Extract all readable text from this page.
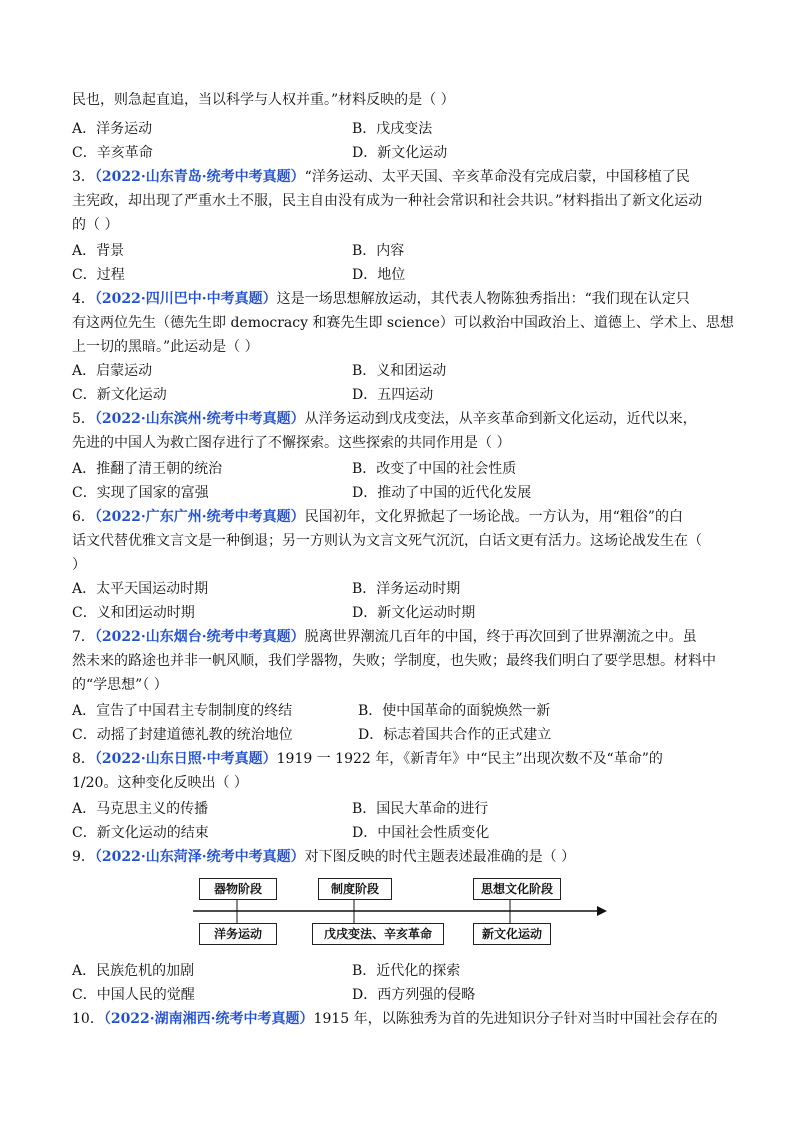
民也，则急起直追，当以科学与人权并重。”材料反映的是（ ）
A．洋务运动	B．戊戌变法
C．辛亥革命	D．新文化运动
3．（2022·山东青岛·统考中考真题）“洋务运动、太平天国、辛亥革命没有完成启蒙，中国移植了民
主宪政，却出现了严重水土不服，民主自由没有成为一种社会常识和社会共识。”材料指出了新文化运动
的（ ）
A．背景	B．内容
C．过程	D．地位
4．（2022·四川巴中·中考真题）这是一场思想解放运动，其代表人物陈独秀指出：“我们现在认定只
有这两位先生（德先生即 democracy 和赛先生即 science）可以救治中国政治上、道德上、学术上、思想
上一切的黑暗。”此运动是（ ）
A．启蒙运动	B．义和团运动
C．新文化运动	D．五四运动
5．（2022·山东滨州·统考中考真题）从洋务运动到戊戌变法，从辛亥革命到新文化运动，近代以来，
先进的中国人为救亡图存进行了不懈探索。这些探索的共同作用是（ ）
A．推翻了清王朝的统治	B．改变了中国的社会性质
C．实现了国家的富强	D．推动了中国的近代化发展
6．（2022·广东广州·统考中考真题）民国初年，文化界掀起了一场论战。一方认为，用“粗俗”的白
话文代替优雅文言文是一种倒退；另一方则认为文言文死气沉沉，白话文更有活力。这场论战发生在（
）
A．太平天国运动时期	B．洋务运动时期
C．义和团运动时期	D．新文化运动时期
7．（2022·山东烟台·统考中考真题）脱离世界潮流几百年的中国，终于再次回到了世界潮流之中。虽
然未来的路途也并非一帆风顺，我们学器物，失败；学制度，也失败；最终我们明白了要学思想。材料中
的“学思想”（ ）
A．宣告了中国君主专制制度的终结	B．使中国革命的面貌焕然一新
C．动摇了封建道德礼教的统治地位	D．标志着国共合作的正式建立
8．（2022·山东日照·中考真题）1919 一 1922 年，《新青年》中“民主”出现次数不及“革命”的
1/20。这种变化反映出（ ）
A．马克思主义的传播	B．国民大革命的进行
C．新文化运动的结束	D．中国社会性质变化
9．（2022·山东菏泽·统考中考真题）对下图反映的时代主题表述最准确的是（ ）
器物阶段	制度阶段	思想文化阶段
洋务运动	戊戌变法、辛亥革命	新文化运动
A．民族危机的加剧	B．近代化的探索
C．中国人民的觉醒	D．西方列强的侵略
10．（2022·湖南湘西·统考中考真题）1915 年，以陈独秀为首的先进知识分子针对当时中国社会存在的
